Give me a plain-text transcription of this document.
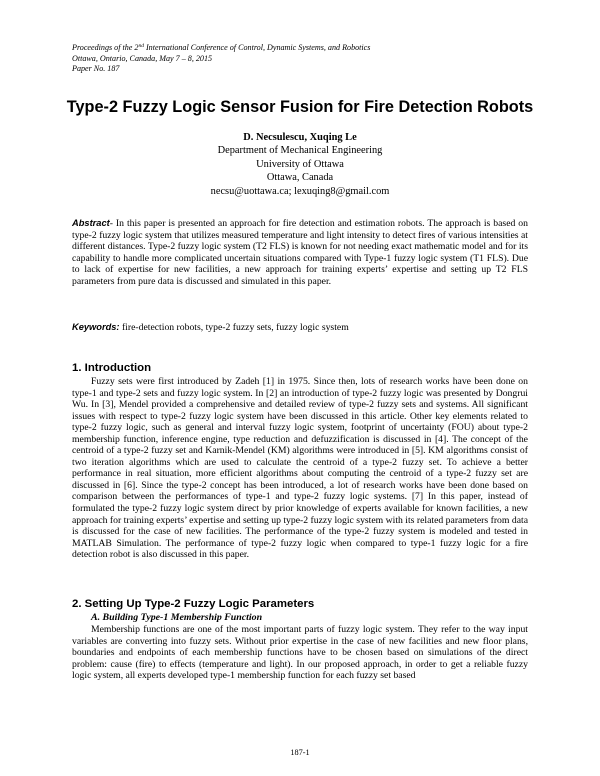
Proceedings of the 2nd International Conference of Control, Dynamic Systems, and Robotics
Ottawa, Ontario, Canada, May 7 – 8, 2015
Paper No. 187
Type-2 Fuzzy Logic Sensor Fusion for Fire Detection Robots
D. Necsulescu, Xuqing Le
Department of Mechanical Engineering
University of Ottawa
Ottawa, Canada
necsu@uottawa.ca; lexuqing8@gmail.com
Abstract- In this paper is presented an approach for fire detection and estimation robots. The approach is based on type-2 fuzzy logic system that utilizes measured temperature and light intensity to detect fires of various intensities at different distances. Type-2 fuzzy logic system (T2 FLS) is known for not needing exact mathematic model and for its capability to handle more complicated uncertain situations compared with Type-1 fuzzy logic system (T1 FLS). Due to lack of expertise for new facilities, a new approach for training experts’ expertise and setting up T2 FLS parameters from pure data is discussed and simulated in this paper.
Keywords: fire-detection robots, type-2 fuzzy sets, fuzzy logic system
1. Introduction
Fuzzy sets were first introduced by Zadeh [1] in 1975. Since then, lots of research works have been done on type-1 and type-2 sets and fuzzy logic system. In [2] an introduction of type-2 fuzzy logic was presented by Dongrui Wu. In [3], Mendel provided a comprehensive and detailed review of type-2 fuzzy sets and systems. All significant issues with respect to type-2 fuzzy logic system have been discussed in this article. Other key elements related to type-2 fuzzy logic, such as general and interval fuzzy logic system, footprint of uncertainty (FOU) about type-2 membership function, inference engine, type reduction and defuzzification is discussed in [4]. The concept of the centroid of a type-2 fuzzy set and Karnik-Mendel (KM) algorithms were introduced in [5]. KM algorithms consist of two iteration algorithms which are used to calculate the centroid of a type-2 fuzzy set. To achieve a better performance in real situation, more efficient algorithms about computing the centroid of a type-2 fuzzy set are discussed in [6]. Since the type-2 concept has been introduced, a lot of research works have been done based on comparison between the performances of type-1 and type-2 fuzzy logic systems. [7] In this paper, instead of formulated the type-2 fuzzy logic system direct by prior knowledge of experts available for known facilities, a new approach for training experts’ expertise and setting up type-2 fuzzy logic system with its related parameters from data is discussed for the case of new facilities. The performance of the type-2 fuzzy system is modeled and tested in MATLAB Simulation. The performance of type-2 fuzzy logic when compared to type-1 fuzzy logic for a fire detection robot is also discussed in this paper.
2. Setting Up Type-2 Fuzzy Logic Parameters
A. Building Type-1 Membership Function
Membership functions are one of the most important parts of fuzzy logic system. They refer to the way input variables are converting into fuzzy sets. Without prior expertise in the case of new facilities and new floor plans, boundaries and endpoints of each membership functions have to be chosen based on simulations of the direct problem: cause (fire) to effects (temperature and light). In our proposed approach, in order to get a reliable fuzzy logic system, all experts developed type-1 membership function for each fuzzy set based
187-1
